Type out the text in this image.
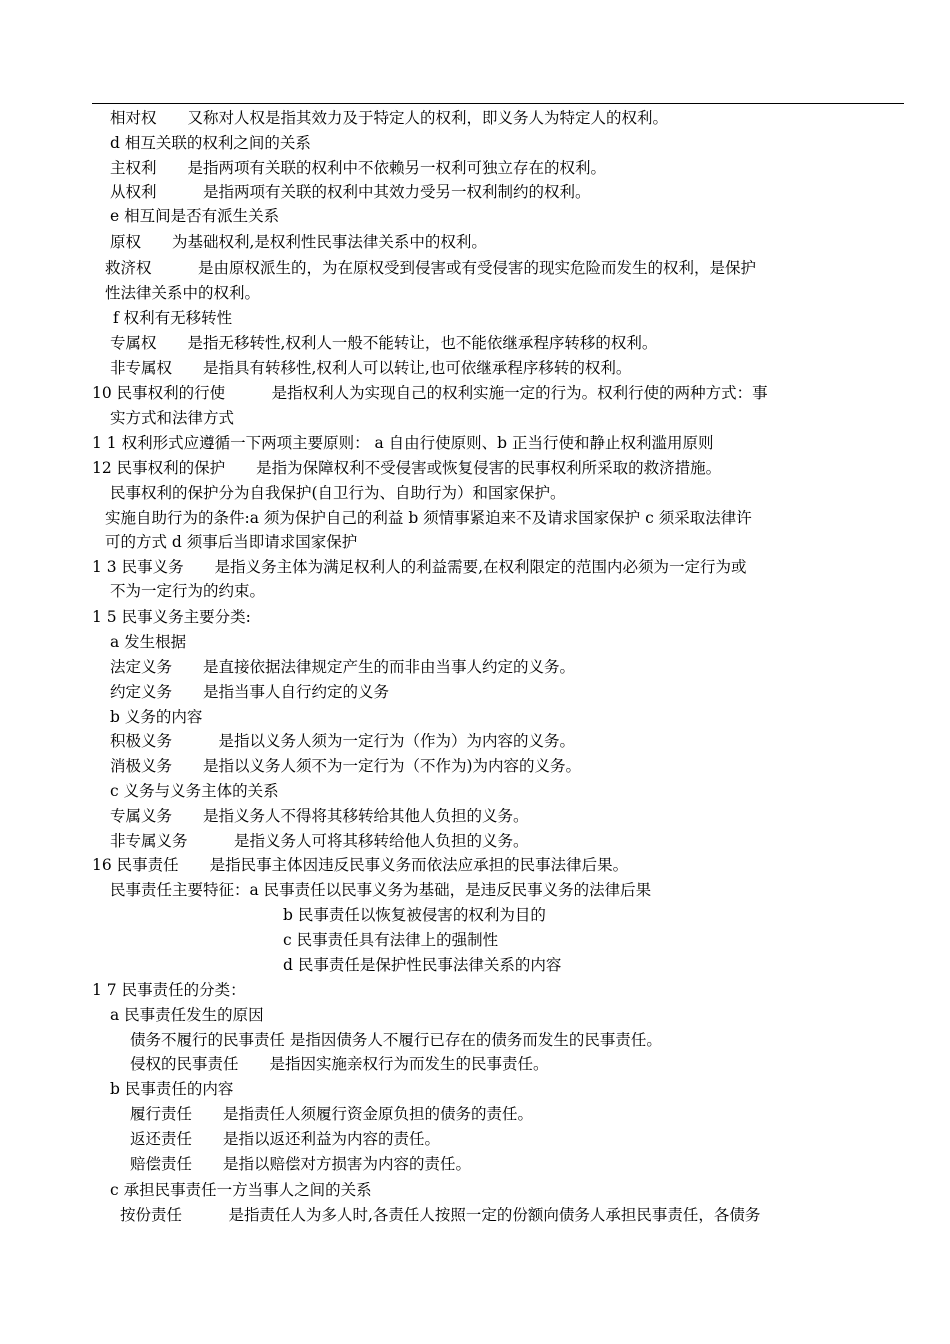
相对权　　又称对人权是指其效力及于特定人的权利，即义务人为特定人的权利。
d 相互关联的权利之间的关系
主权利　　是指两项有关联的权利中不依赖另一权利可独立存在的权利。
从权利　　　是指两项有关联的权利中其效力受另一权利制约的权利。
e 相互间是否有派生关系
原权　　为基础权利,是权利性民事法律关系中的权利。
救济权　　　是由原权派生的，为在原权受到侵害或有受侵害的现实危险而发生的权利，是保护
性法律关系中的权利。
f 权利有无移转性
专属权　　是指无移转性,权利人一般不能转让，也不能依继承程序转移的权利。
非专属权　　是指具有转移性,权利人可以转让,也可依继承程序移转的权利。
10 民事权利的行使　　　是指权利人为实现自己的权利实施一定的行为。权利行使的两种方式：事
实方式和法律方式
1 1 权利形式应遵循一下两项主要原则： a 自由行使原则、b 正当行使和静止权利滥用原则
12 民事权利的保护　　是指为保障权利不受侵害或恢复侵害的民事权利所采取的救济措施。
民事权利的保护分为自我保护(自卫行为、自助行为）和国家保护。
实施自助行为的条件:a 须为保护自己的利益 b 须情事紧迫来不及请求国家保护 c 须采取法律许
可的方式 d 须事后当即请求国家保护
1 3 民事义务　　是指义务主体为满足权利人的利益需要,在权利限定的范围内必须为一定行为或
不为一定行为的约束。
1 5 民事义务主要分类:
a 发生根据
法定义务　　是直接依据法律规定产生的而非由当事人约定的义务。
约定义务　　是指当事人自行约定的义务
b 义务的内容
积极义务　　　是指以义务人须为一定行为（作为）为内容的义务。
消极义务　　是指以义务人须不为一定行为（不作为)为内容的义务。
c 义务与义务主体的关系
专属义务　　是指义务人不得将其移转给其他人负担的义务。
非专属义务　　　是指义务人可将其移转给他人负担的义务。
16 民事责任　　是指民事主体因违反民事义务而依法应承担的民事法律后果。
民事责任主要特征：a 民事责任以民事义务为基础，是违反民事义务的法律后果
b 民事责任以恢复被侵害的权利为目的
c 民事责任具有法律上的强制性
d 民事责任是保护性民事法律关系的内容
1 7 民事责任的分类：
a 民事责任发生的原因
债务不履行的民事责任 是指因债务人不履行已存在的债务而发生的民事责任。
侵权的民事责任　　是指因实施亲权行为而发生的民事责任。
b 民事责任的内容
履行责任　　是指责任人须履行资金原负担的债务的责任。
返还责任　　是指以返还利益为内容的责任。
赔偿责任　　是指以赔偿对方损害为内容的责任。
c 承担民事责任一方当事人之间的关系
按份责任　　　是指责任人为多人时,各责任人按照一定的份额向债务人承担民事责任，各债务
